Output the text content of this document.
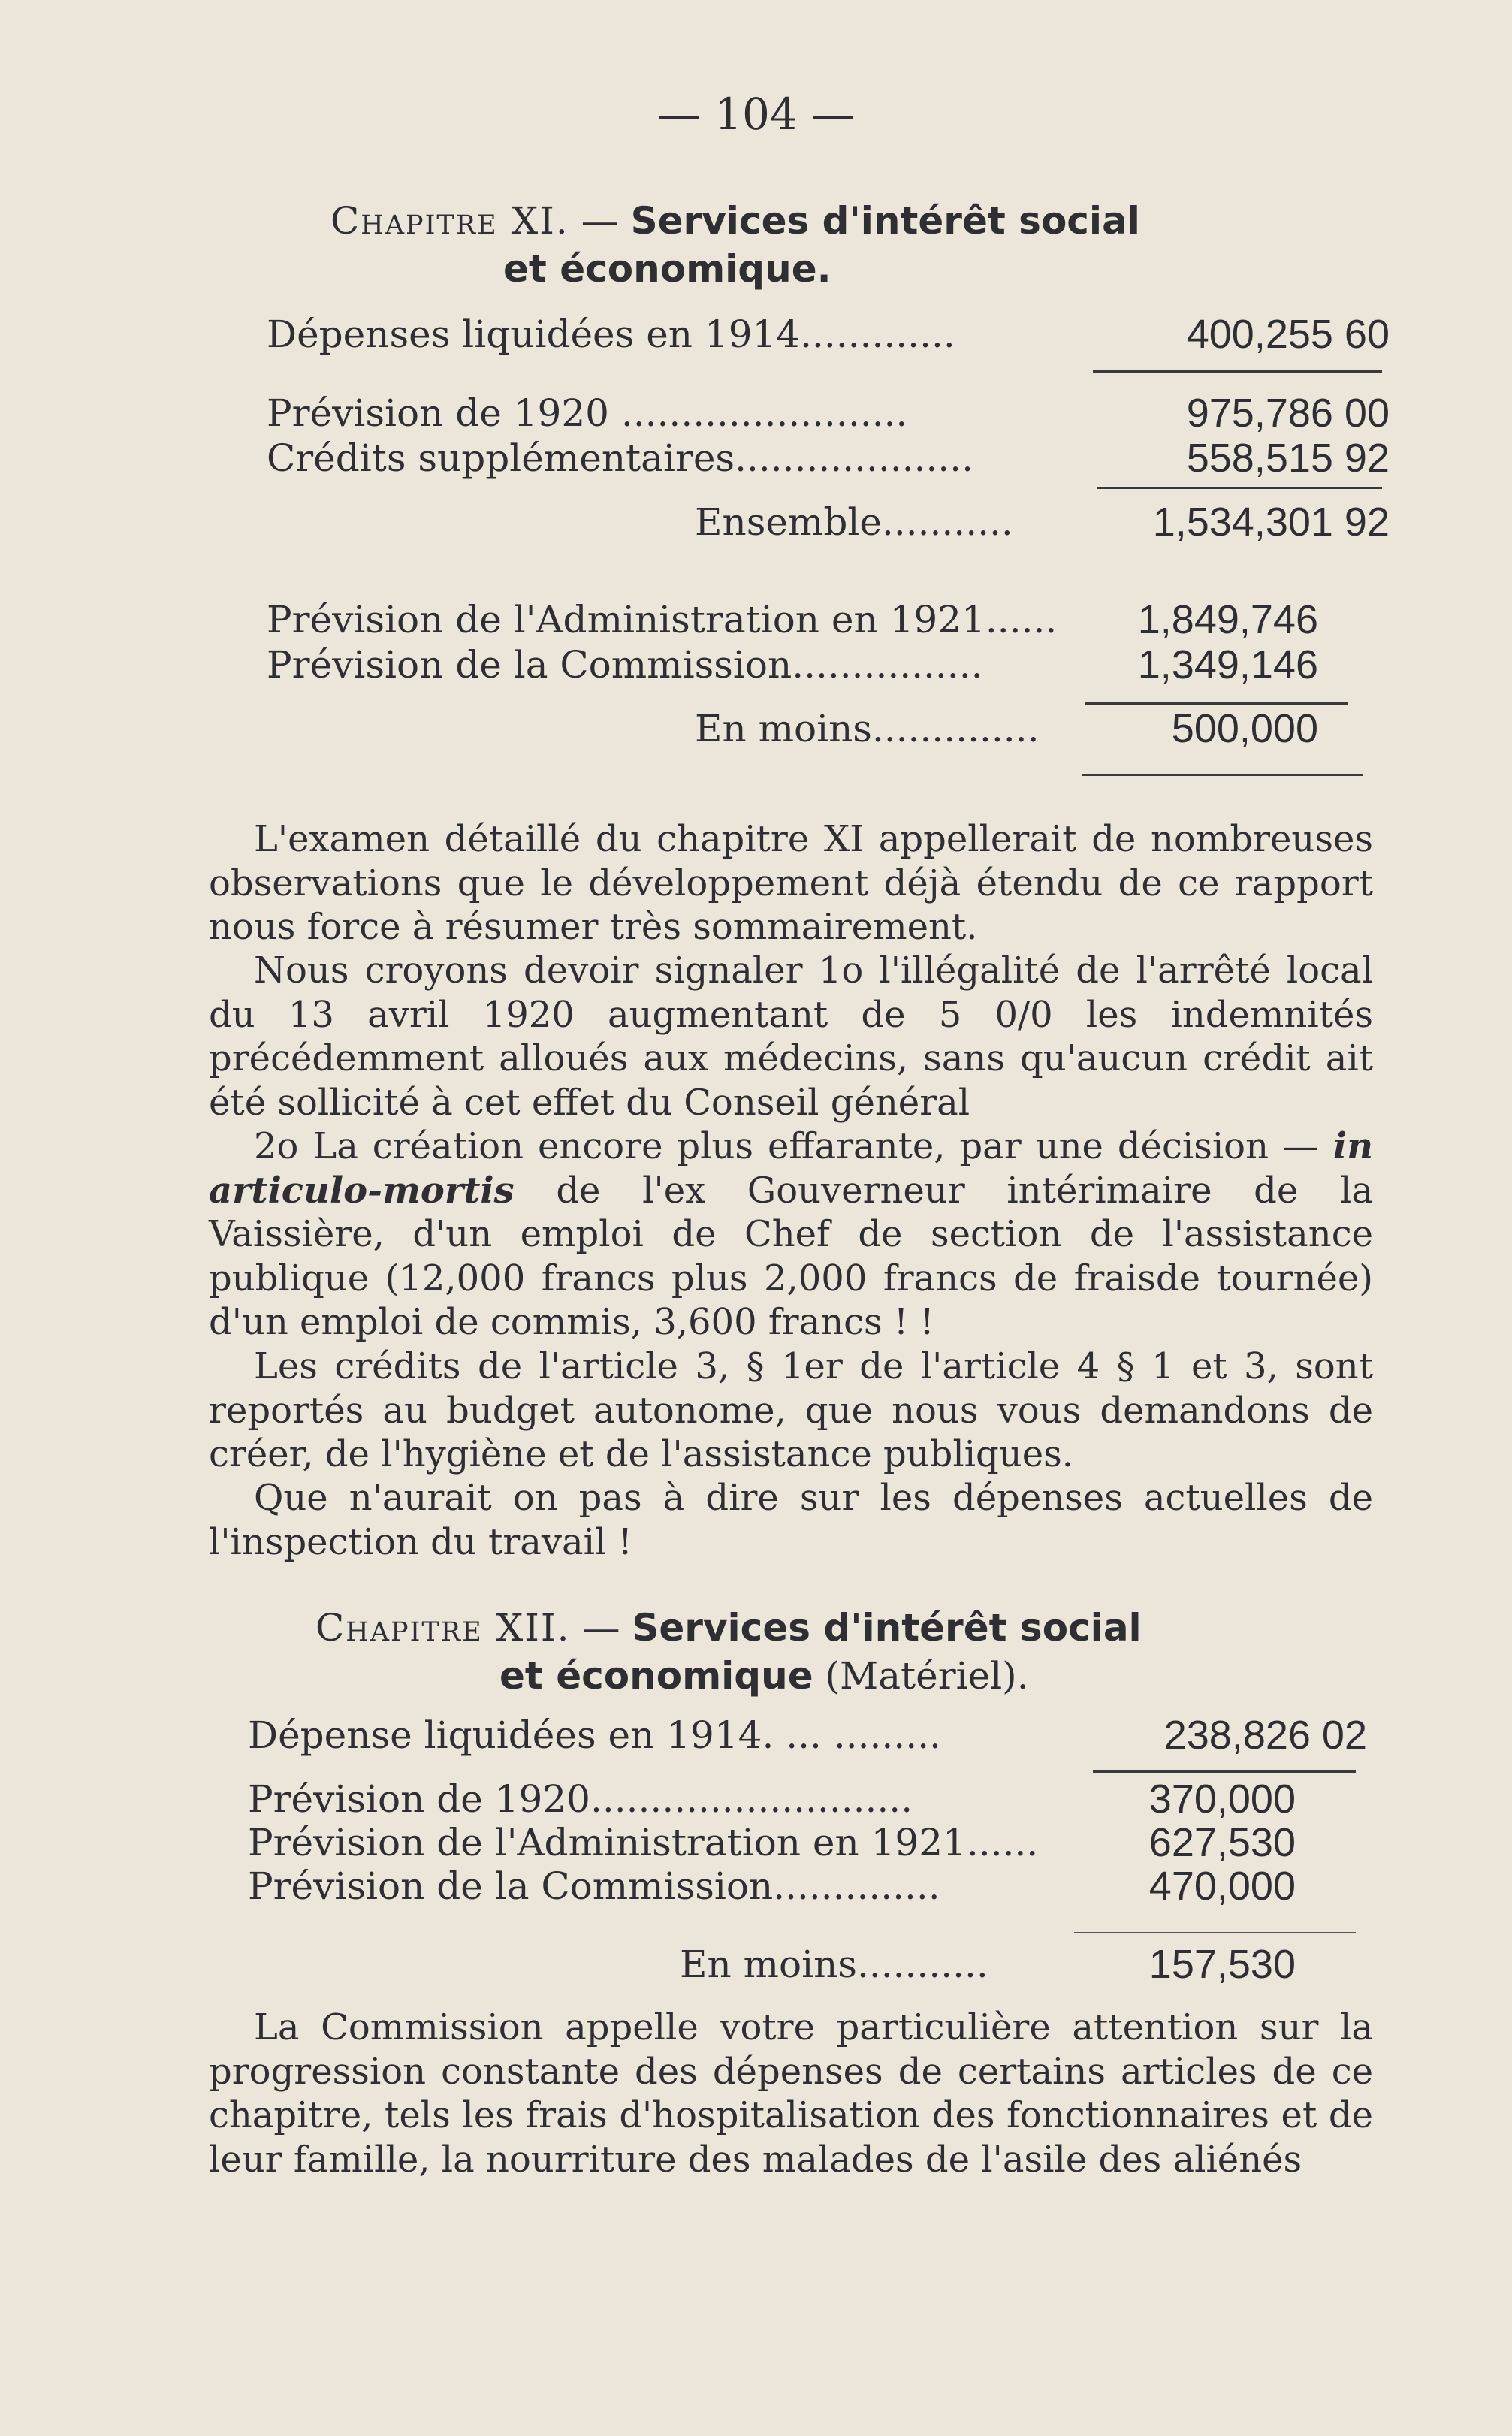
— 104 —
Chapitre XI. — Services d'intérêt social
et économique.
Dépenses liquidées en 1914.............	400,255 60
Prévision de 1920 ........................	975,786 00
Crédits supplémentaires....................	558,515 92
Ensemble...........	1,534,301 92
Prévision de l'Administration en 1921...... 1,849,746
Prévision de la Commission................	1,349,146
En moins..............	500,000
L'examen détaillé du chapitre XI appellerait de nombreuses observations que le développement déjà étendu de ce rapport nous force à résumer très sommairement.
Nous croyons devoir signaler 1o l'illégalité de l'arrêté local du 13 avril 1920 augmentant de 5 0/0 les indemnités précédemment alloués aux médecins, sans qu'aucun crédit ait été sollicité à cet effet du Conseil général
2o La création encore plus effarante, par une décision — in articulo-mortis de l'ex Gouverneur intérimaire de la Vaissière, d'un emploi de Chef de section de l'assistance publique (12,000 francs plus 2,000 francs de fraisde tournée) d'un emploi de commis, 3,600 francs ! !
Les crédits de l'article 3, § 1er de l'article 4 § 1 et 3, sont reportés au budget autonome, que nous vous demandons de créer, de l'hygiène et de l'assistance publiques.
Que n'aurait on pas à dire sur les dépenses actuelles de l'inspection du travail !
Chapitre XII. — Services d'intérêt social
et économique (Matériel).
Dépense liquidées en 1914. ... .........	238,826 02
Prévision de 1920...........................	370,000
Prévision de l'Administration en 1921......	627,530
Prévision de la Commission..............	470,000
En moins...........	157,530
La Commission appelle votre particulière attention sur la progression constante des dépenses de certains articles de ce chapitre, tels les frais d'hospitalisation des fonctionnaires et de leur famille, la nourriture des malades de l'asile des aliénés
